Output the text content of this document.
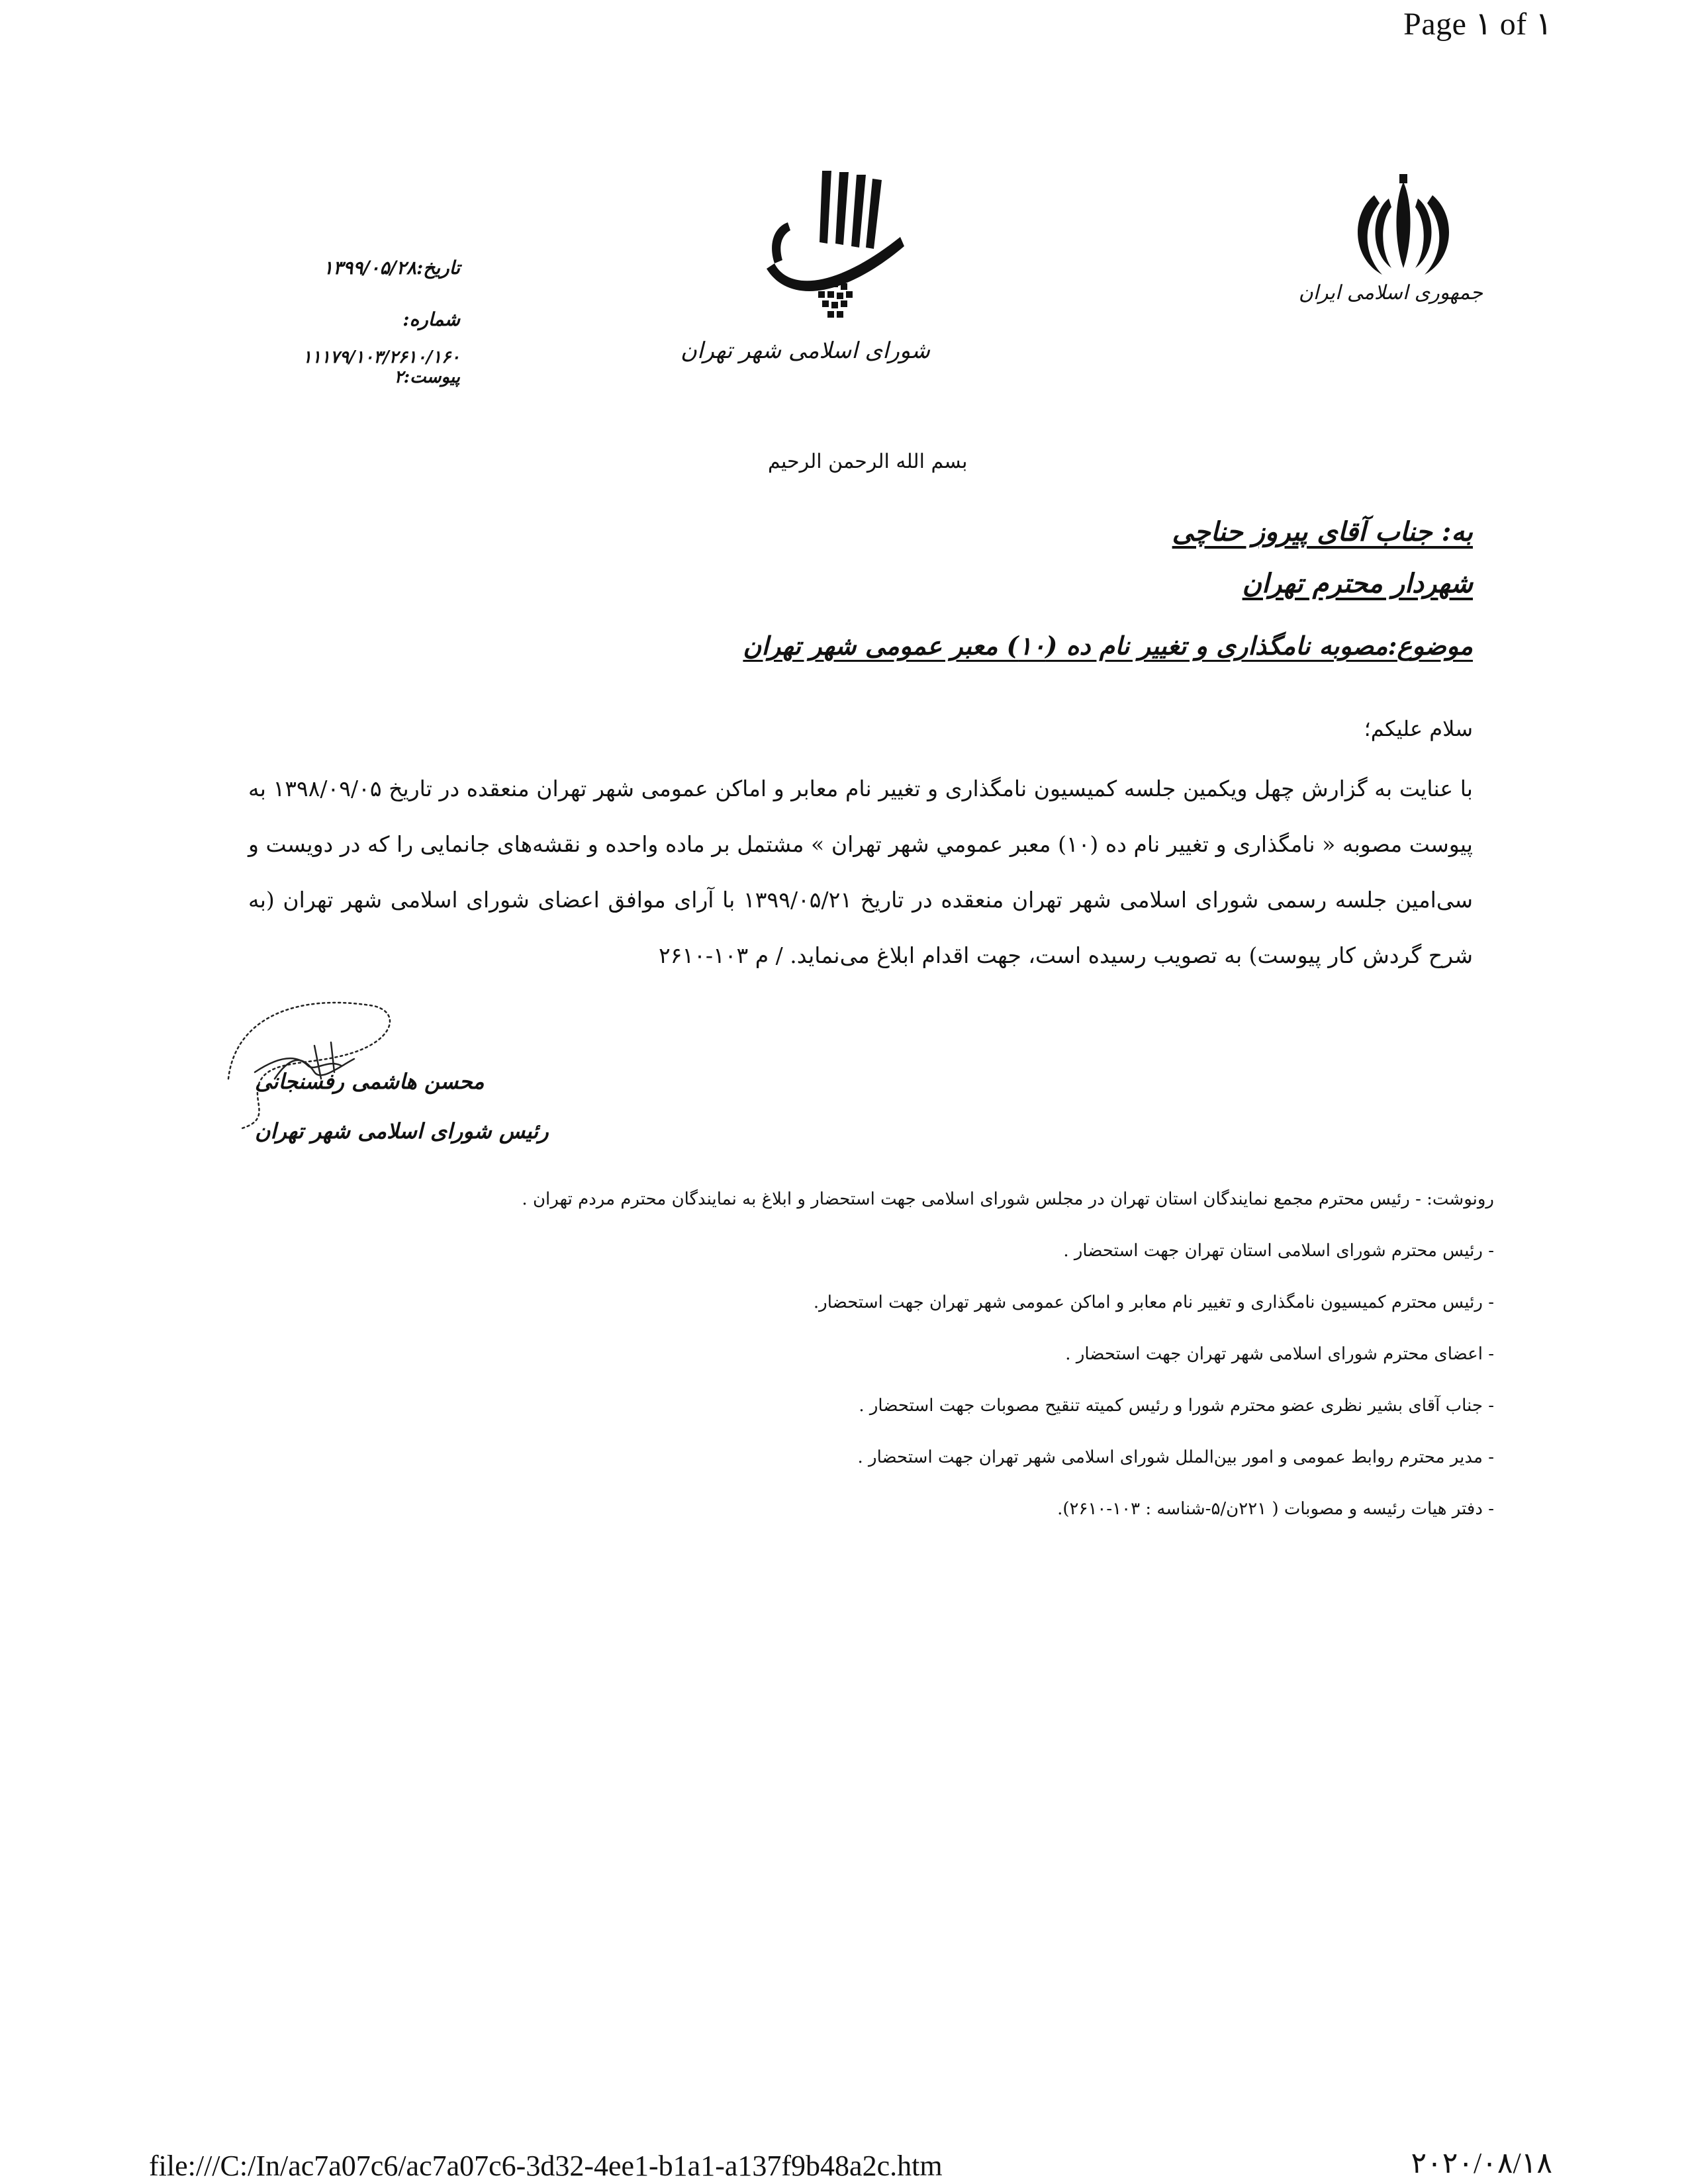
Page ۱ of ۱
جمهوری اسلامی ایران
شورای اسلامی شهر تهران
تاریخ:۱۳۹۹/۰۵/۲۸
شماره:
۱۱۱۷۹/۱۰۳/۲۶۱۰/۱۶۰
پیوست:۲
بسم الله الرحمن الرحیم
به: جناب آقای پیروز حناچی
شهردار محترم تهران
موضوع:مصوبه نامگذاری و تغییر نام ده (۱۰) معبر عمومی شهر تهران
سلام علیکم؛
با عنایت به گزارش چهل ویکمین جلسه کمیسیون نامگذاری و تغییر نام معابر و اماکن عمومی شهر تهران منعقده در تاریخ ۱۳۹۸/۰۹/۰۵ به پیوست مصوبه « نامگذاری و تغییر نام ده (۱۰) معبر عمومي شهر تهران » مشتمل بر ماده واحده و نقشه‌های جانمایی را که در دویست و سی‌امین جلسه رسمی شورای اسلامی شهر تهران منعقده در تاریخ ۱۳۹۹/۰۵/۲۱ با آرای موافق اعضای شورای اسلامی شهر تهران (به شرح گردش کار پیوست) به تصویب رسیده است، جهت اقدام ابلاغ می‌نماید. / م ۱۰۳-۲۶۱۰
محسن هاشمی رفسنجانی
رئیس شورای اسلامی شهر تهران
رونوشت: - رئیس محترم مجمع نمایندگان استان تهران در مجلس شورای اسلامی جهت استحضار و ابلاغ به نمایندگان محترم مردم تهران .
- رئیس محترم شورای اسلامی استان تهران جهت استحضار .
- رئیس محترم کمیسیون نامگذاری و تغییر نام معابر و اماکن عمومی شهر تهران جهت استحضار.
- اعضای محترم شورای اسلامی شهر تهران جهت استحضار .
- جناب آقای بشیر نظری عضو محترم شورا و رئیس کمیته تنقیح مصوبات جهت استحضار .
- مدیر محترم روابط عمومی و امور بین‌الملل شورای اسلامی شهر تهران جهت استحضار .
- دفتر هیات رئیسه و مصوبات ( ۲۲۱ن/۵-شناسه : ۱۰۳-۲۶۱۰).
file:///C:/In/ac7a07c6/ac7a07c6-3d32-4ee1-b1a1-a137f9b48a2c.htm	۲۰۲۰/۰۸/۱۸
